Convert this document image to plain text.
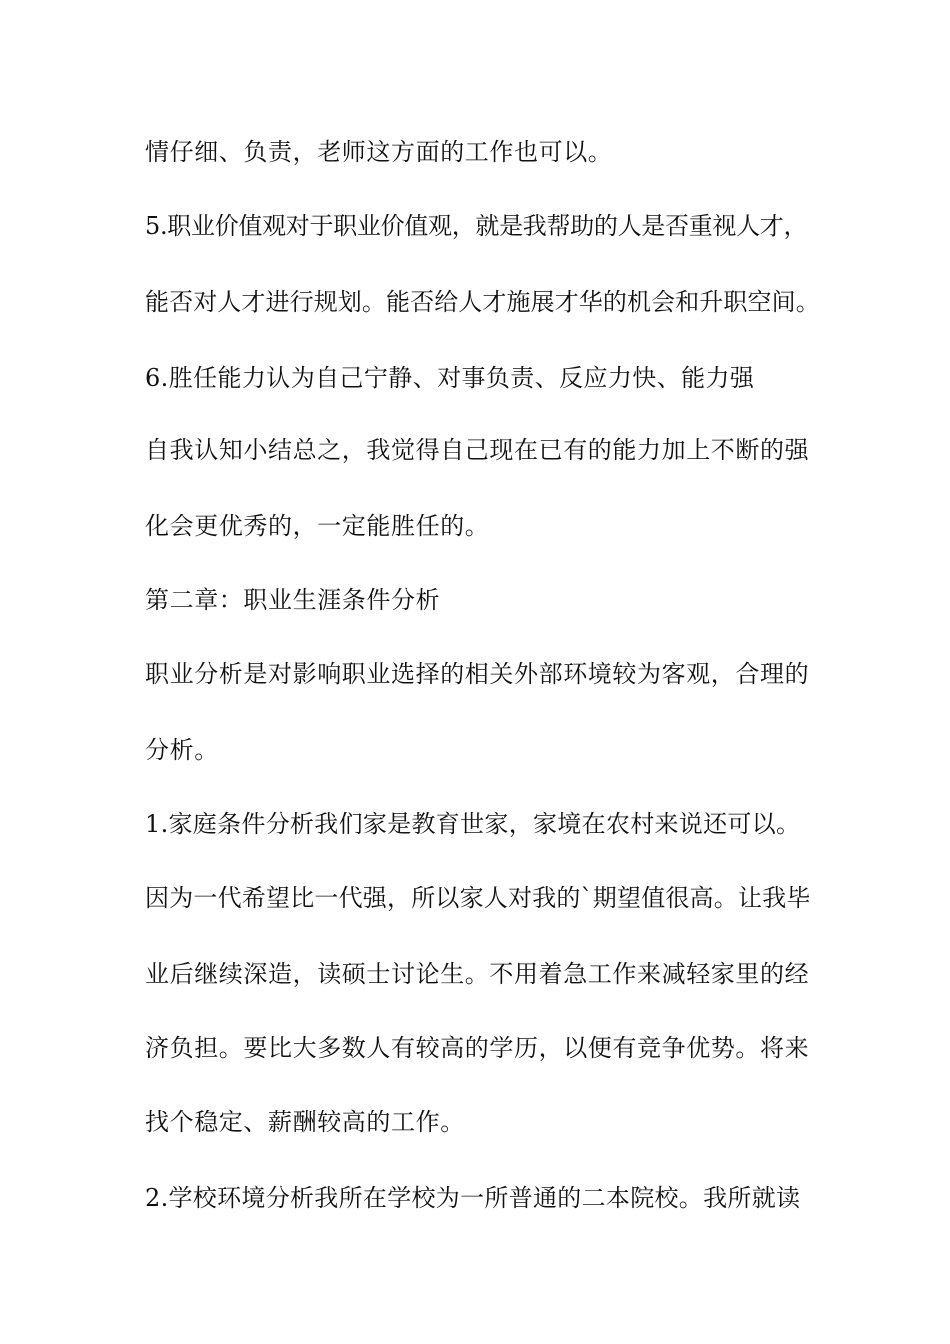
情仔细、负责，老师这方面的工作也可以。
5.职业价值观对于职业价值观，就是我帮助的人是否重视人才，
能否对人才进行规划。能否给人才施展才华的机会和升职空间。
6.胜任能力认为自己宁静、对事负责、反应力快、能力强
自我认知小结总之，我觉得自己现在已有的能力加上不断的强
化会更优秀的，一定能胜任的。
第二章：职业生涯条件分析
职业分析是对影响职业选择的相关外部环境较为客观，合理的
分析。
1.家庭条件分析我们家是教育世家，家境在农村来说还可以。
因为一代希望比一代强，所以家人对我的`期望值很高。让我毕
业后继续深造，读硕士讨论生。不用着急工作来减轻家里的经
济负担。要比大多数人有较高的学历，以便有竞争优势。将来
找个稳定、薪酬较高的工作。
2.学校环境分析我所在学校为一所普通的二本院校。我所就读
